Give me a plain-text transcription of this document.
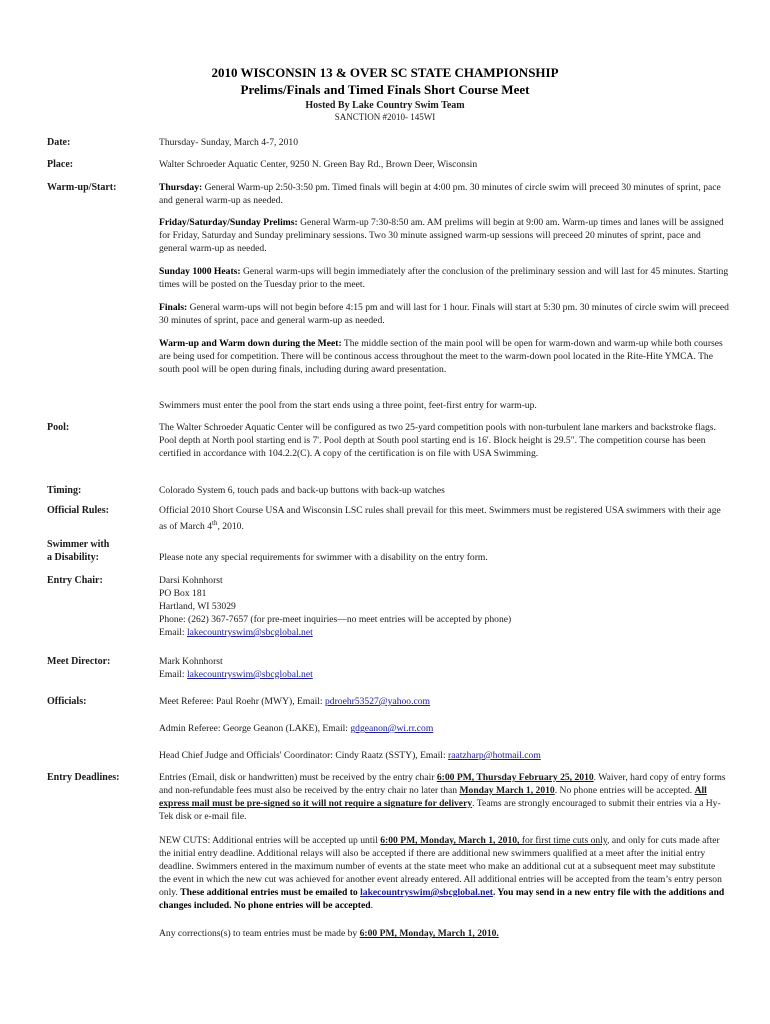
2010 WISCONSIN 13 & OVER SC STATE CHAMPIONSHIP
Prelims/Finals and Timed Finals Short Course Meet
Hosted By Lake Country Swim Team
SANCTION #2010- 145WI
Date:	Thursday- Sunday, March 4-7, 2010
Place:	Walter Schroeder Aquatic Center, 9250 N. Green Bay Rd., Brown Deer, Wisconsin
Warm-up/Start:	Thursday: General Warm-up 2:50-3:50 pm. Timed finals will begin at 4:00 pm. 30 minutes of circle swim will preceed 30 minutes of sprint, pace and general warm-up as needed.
Friday/Saturday/Sunday Prelims: General Warm-up 7:30-8:50 am. AM prelims will begin at 9:00 am. Warm-up times and lanes will be assigned for Friday, Saturday and Sunday preliminary sessions. Two 30 minute assigned warm-up sessions will preceed 20 minutes of sprint, pace and general warm-up as needed.
Sunday 1000 Heats: General warm-ups will begin immediately after the conclusion of the preliminary session and will last for 45 minutes. Starting times will be posted on the Tuesday prior to the meet.
Finals: General warm-ups will not begin before 4:15 pm and will last for 1 hour. Finals will start at 5:30 pm. 30 minutes of circle swim will preceed 30 minutes of sprint, pace and general warm-up as needed.
Warm-up and Warm down during the Meet: The middle section of the main pool will be open for warm-down and warm-up while both courses are being used for competition. There will be continous access throughout the meet to the warm-down pool located in the Rite-Hite YMCA. The south pool will be open during finals, including during award presentation.
Swimmers must enter the pool from the start ends using a three point, feet-first entry for warm-up.
Pool:	The Walter Schroeder Aquatic Center will be configured as two 25-yard competition pools with non-turbulent lane markers and backstroke flags. Pool depth at North pool starting end is 7'. Pool depth at South pool starting end is 16'. Block height is 29.5". The competition course has been certified in accordance with 104.2.2(C). A copy of the certification is on file with USA Swimming.
Timing:	Colorado System 6, touch pads and back-up buttons with back-up watches
Official Rules:	Official 2010 Short Course USA and Wisconsin LSC rules shall prevail for this meet. Swimmers must be registered USA swimmers with their age as of March 4th, 2010.
Swimmer with
a Disability:	Please note any special requirements for swimmer with a disability on the entry form.
Entry Chair:	Darsi Kohnhorst
PO Box 181
Hartland, WI 53029
Phone: (262) 367-7657 (for pre-meet inquiries—no meet entries will be accepted by phone)
Email: lakecountryswim@sbcglobal.net
Meet Director:	Mark Kohnhorst
Email: lakecountryswim@sbcglobal.net
Officials:	Meet Referee: Paul Roehr (MWY), Email: pdroehr53527@yahoo.com
Admin Referee: George Geanon (LAKE), Email: gdgeanon@wi.rr.com
Head Chief Judge and Officials' Coordinator: Cindy Raatz (SSTY), Email: raatzharp@hotmail.com
Entry Deadlines:	Entries (Email, disk or handwritten) must be received by the entry chair 6:00 PM, Thursday February 25, 2010. Waiver, hard copy of entry forms and non-refundable fees must also be received by the entry chair no later than Monday March 1, 2010. No phone entries will be accepted. All express mail must be pre-signed so it will not require a signature for delivery. Teams are strongly encouraged to submit their entries via a Hy-Tek disk or e-mail file.
NEW CUTS: Additional entries will be accepted up until 6:00 PM, Monday, March 1, 2010, for first time cuts only, and only for cuts made after the initial entry deadline. Additional relays will also be accepted if there are additional new swimmers qualified at a meet after the initial entry deadline. Swimmers entered in the maximum number of events at the state meet who make an additional cut at a subsequent meet may substitute the event in which the new cut was achieved for another event already entered. All additional entries will be accepted from the team’s entry person only. These additional entries must be emailed to lakecountryswim@sbcglobal.net. You may send in a new entry file with the additions and changes included. No phone entries will be accepted.
Any corrections(s) to team entries must be made by 6:00 PM, Monday, March 1, 2010.
